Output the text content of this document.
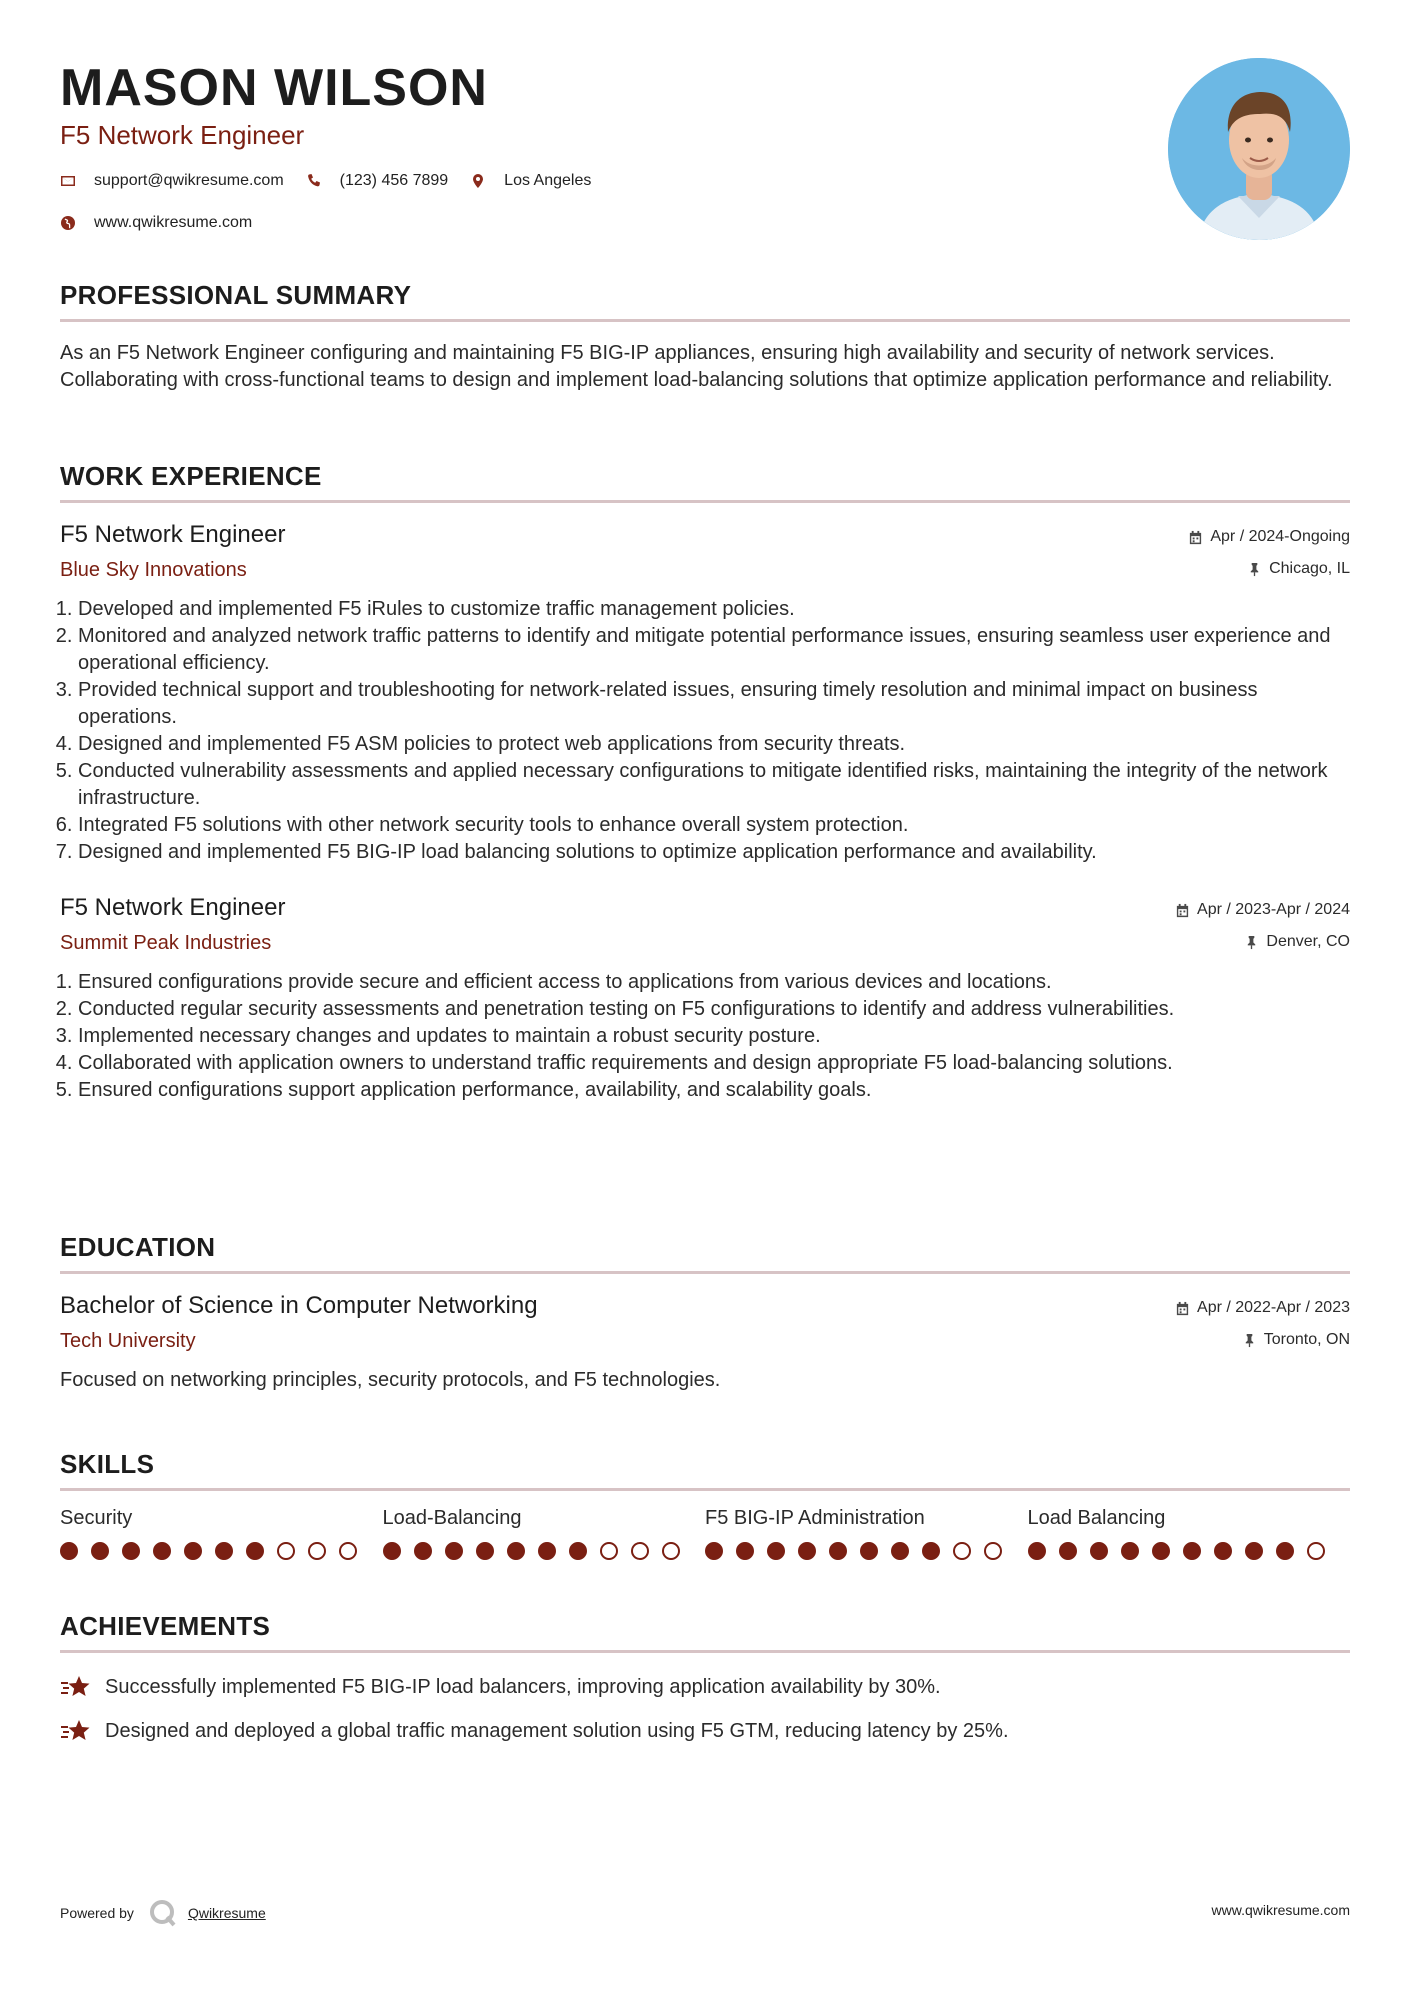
MASON WILSON
F5 Network Engineer
support@qwikresume.com	(123) 456 7899	Los Angeles
www.qwikresume.com
PROFESSIONAL SUMMARY
As an F5 Network Engineer configuring and maintaining F5 BIG-IP appliances, ensuring high availability and security of network services. Collaborating with cross-functional teams to design and implement load-balancing solutions that optimize application performance and reliability.
WORK EXPERIENCE
F5 Network Engineer
Blue Sky Innovations
Apr / 2024-Ongoing
Chicago, IL
1. Developed and implemented F5 iRules to customize traffic management policies.
2. Monitored and analyzed network traffic patterns to identify and mitigate potential performance issues, ensuring seamless user experience and operational efficiency.
3. Provided technical support and troubleshooting for network-related issues, ensuring timely resolution and minimal impact on business operations.
4. Designed and implemented F5 ASM policies to protect web applications from security threats.
5. Conducted vulnerability assessments and applied necessary configurations to mitigate identified risks, maintaining the integrity of the network infrastructure.
6. Integrated F5 solutions with other network security tools to enhance overall system protection.
7. Designed and implemented F5 BIG-IP load balancing solutions to optimize application performance and availability.
F5 Network Engineer
Summit Peak Industries
Apr / 2023-Apr / 2024
Denver, CO
1. Ensured configurations provide secure and efficient access to applications from various devices and locations.
2. Conducted regular security assessments and penetration testing on F5 configurations to identify and address vulnerabilities.
3. Implemented necessary changes and updates to maintain a robust security posture.
4. Collaborated with application owners to understand traffic requirements and design appropriate F5 load-balancing solutions.
5. Ensured configurations support application performance, availability, and scalability goals.
EDUCATION
Bachelor of Science in Computer Networking
Tech University
Apr / 2022-Apr / 2023
Toronto, ON
Focused on networking principles, security protocols, and F5 technologies.
SKILLS
Security	Load-Balancing	F5 BIG-IP Administration	Load Balancing
ACHIEVEMENTS
Successfully implemented F5 BIG-IP load balancers, improving application availability by 30%.
Designed and deployed a global traffic management solution using F5 GTM, reducing latency by 25%.
Powered by	Qwikresume	www.qwikresume.com
